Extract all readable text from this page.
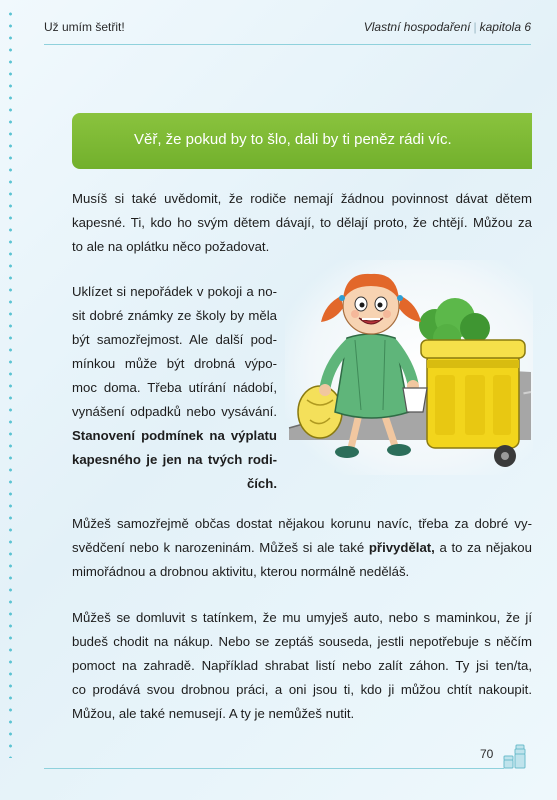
Už umím šetřit!	Vlastní hospodaření | kapitola 6
Věř, že pokud by to šlo, dali by ti peněz rádi víc.
Musíš si také uvědomit, že rodiče nemají žádnou povinnost dávat dětem
kapesné. Ti, kdo ho svým dětem dávají, to dělají proto, že chtějí. Můžou za
to ale na oplátku něco požadovat.
Uklízet si nepořádek v pokoji a no-
sit dobré známky ze školy by měla
být samozřejmost. Ale další pod-
mínkou může být drobná výpo-
moc doma. Třeba utírání nádobí,
vynášení odpadků nebo vysávání.
Stanovení podmínek na výplatu
kapesného je jen na tvých rodi-
čích.
Můžeš samozřejmě občas dostat nějakou korunu navíc, třeba za dobré vy-
svědčení nebo k narozeninám. Můžeš si ale také přivydělat, a to za nějakou
mimořádnou a drobnou aktivitu, kterou normálně neděláš.
Můžeš se domluvit s tatínkem, že mu umyješ auto, nebo s maminkou, že jí
budeš chodit na nákup. Nebo se zeptáš souseda, jestli nepotřebuje s něčím
pomoct na zahradě. Například shrabat listí nebo zalít záhon. Ty jsi ten/ta,
co prodává svou drobnou práci, a oni jsou ti, kdo ji můžou chtít nakoupit.
Můžou, ale také nemusejí. A ty je nemůžeš nutit.
70
